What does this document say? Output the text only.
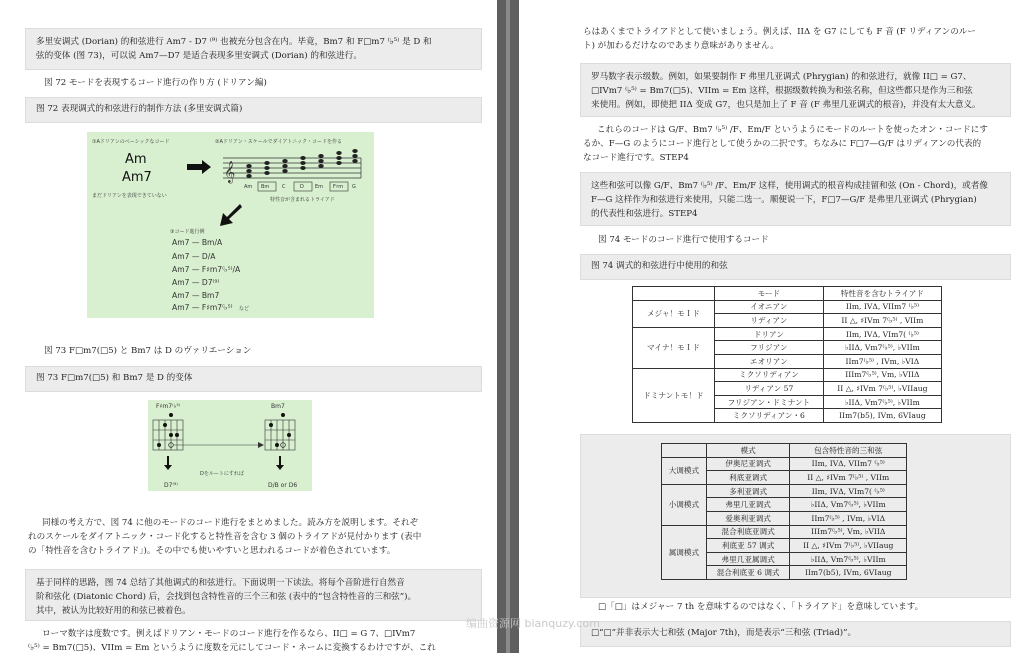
多里安调式 (Dorian) 的和弦进行 Am7 - D7 ⁽⁹⁾ 也被充分包含在内。毕竟，Bm7 和 F□m7 ⁽♭⁵⁾ 是 D 和
弦的变体 (图 73)，可以说 Am7—D7 是适合表现多里安调式 (Dorian) 的和弦进行。
図 72 モードを表現するコード進行の作り方 (ドリアン編)
图 72 表现调式的和弦进行的制作方法 (多里安调式篇)
①Aドリアンのベーシックなコード	②Aドリアン・スケールでダイアトニック・コードを作る
Am
Am7
まだドリアンを表現できていない
𝄞
Am Bm	C	D Em F♯m G
特性音が含まれるトライアド
③コード進行例
Am7 — Bm/A
Am7 — D/A
Am7 — F♯m7⁽♭⁵⁾/A
Am7 — D7⁽⁹⁾
Am7 — Bm7
Am7 — F♯m7⁽♭⁵⁾ など
図 73 F□m7(□5) と Bm7 は D のヴァリエーション
图 73 F□m7(□5) 和 Bm7 是 D 的变体
F♯m7⁽♭⁵⁾	Bm7
Dをルートにすれば
D7⁽⁹⁾	D/B or D6
同様の考え方で、図 74 に他のモードのコード進行をまとめました。読み方を説明します。それぞ
れのスケールをダイアトニック・コード化すると特性音を含む 3 個のトライアドが見付かります (表中
の「特性音を含むトライアド」)。その中でも使いやすいと思われるコードが着色されています。
基于同样的思路，图 74 总结了其他调式的和弦进行。下面说明一下读法。将每个音阶进行自然音
阶和弦化 (Diatonic Chord) 后，会找到包含特性音的三个三和弦 (表中的“包含特性音的三和弦”)。
其中，被认为比较好用的和弦已被着色。
ローマ数字は度数です。例えばドリアン・モードのコード進行を作るなら、II□ = G 7、□IVm7
⁽♭⁵⁾ = Bm7(□5)、VIIm = Em というように度数を元にしてコード・ネームに変換するわけですが、これ
らはあくまでトライアドとして使いましょう。例えば、IIΔ を G7 にしても F 音 (F リディアンのルー
ト) が加わるだけなのであまり意味がありません。
罗马数字表示级数。例如，如果要制作 F 弗里几亚调式 (Phrygian) 的和弦进行，就像 II□ = G7、
□IVm7 ⁽♭⁵⁾ = Bm7(□5)、VIIm = Em 这样，根据级数转换为和弦名称，但这些都只是作为三和弦
来使用。例如，即使把 IIΔ 变成 G7，也只是加上了 F 音 (F 弗里几亚调式的根音)，并没有太大意义。
これらのコードは G/F、Bm7 ⁽♭⁵⁾ /F、Em/F というようにモードのルートを使ったオン・コードにす
るか、F—G のようにコード進行として使うかの二択です。ちなみに F□7—G/F はリディアンの代表的
なコード進行です。STEP4
这些和弦可以像 G/F、Bm7 ⁽♭⁵⁾ /F、Em/F 这样，使用调式的根音构成挂留和弦 (On - Chord)，或者像
F—G 这样作为和弦进行来使用，只能二选一。顺便说一下，F□7—G/F 是弗里几亚调式 (Phrygian)
的代表性和弦进行。STEP4
図 74 モードのコード進行で使用するコード
图 74 调式的和弦进行中使用的和弦
	モード	特性音を含むトライアド
メジャ！モＩド	イオニアン	IIm, IVΔ, VIIm7 ⁽♭⁵⁾
	リディアン	II △, ♯IVm 7⁽♭⁵⁾ , VIIm
マイナ！モＩド	ドリアン	IIm, IVΔ, VIm7( ⁽♭⁵⁾
	フリジアン	♭IIΔ, Vm7⁽♭⁵⁾, ♭VIIm
	エオリアン	IIm7⁽♭⁵⁾ , IVm, ♭VIΔ
ドミナントモ！ド	ミクソリディアン	IIIm7⁽♭⁵⁾, Vm, ♭VIIΔ
	リディアン 57	II △, ♯IVm 7⁽♭⁵⁾, ♭VIIaug
	フリジアン・ドミナント	♭IIΔ, Vm7⁽♭⁵⁾, ♭VIIm
	ミクソリディアン・6	IIm7(b5), IVm, 6VIaug
	模式	包含特性音的三和弦
大调模式	伊奥尼亚调式	IIm, IVΔ, VIIm7 ⁽♭⁵⁾
	利底亚调式	II △, ♯IVm 7⁽♭⁵⁾ , VIIm
小调模式	多利亚调式	IIm, IVΔ, VIm7( ⁽♭⁵⁾
	弗里几亚调式	♭IIΔ, Vm7⁽♭⁵⁾, ♭VIIm
	爱奥利亚调式	IIm7⁽♭⁵⁾ , IVm, ♭VIΔ
属调模式	混合利底亚调式	IIIm7⁽♭⁵⁾, Vm, ♭VIIΔ
	利底亚 57 调式	II △, ♯IVm 7⁽♭⁵⁾, ♭VIIaug
	弗里几亚属调式	♭IIΔ, Vm7⁽♭⁵⁾, ♭VIIm
	混合利底亚 6 调式	IIm7(b5), IVm, 6VIaug
□「□」はメジャー 7 th を意味するのではなく、「トライアド」を意味しています。
□“□”并非表示大七和弦 (Major 7th)，而是表示“三和弦 (Triad)”。
编曲资源网 bianquzy.com
